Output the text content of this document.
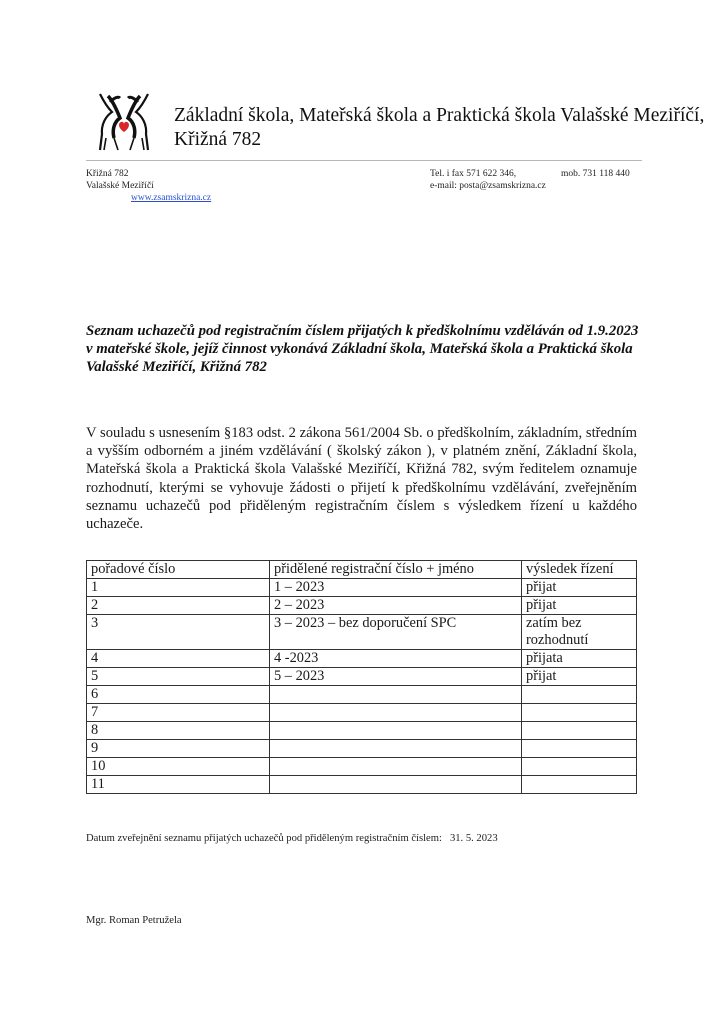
Základní škola, Mateřská škola a Praktická škola Valašské Meziříčí,
Křižná 782
Křižná 782
Valašské Meziříčí
www.zsamskrizna.cz
Tel. i fax 571 622 346,	mob. 731 118 440
e-mail: posta@zsamskrizna.cz
Seznam uchazečů pod registračním číslem přijatých k předškolnímu vzděláván od 1.9.2023
v mateřské škole, jejíž činnost vykonává Základní škola, Mateřská škola a Praktická škola
Valašské Meziříčí, Křižná 782
V souladu s usnesením §183 odst. 2 zákona 561/2004 Sb. o předškolním, základním, středním a vyšším odborném a jiném vzdělávání ( školský zákon ), v platném znění, Základní škola, Mateřská škola a Praktická škola Valašské Meziříčí, Křižná 782, svým ředitelem oznamuje rozhodnutí, kterými se vyhovuje žádosti o přijetí k předškolnímu vzdělávání, zveřejněním seznamu uchazečů pod přiděleným registračním číslem s výsledkem řízení u každého uchazeče.
pořadové číslo	přidělené registrační číslo + jméno	výsledek řízení
1	1 – 2023	přijat
2	2 – 2023	přijat
3	3 – 2023 – bez doporučení SPC	zatím bez
rozhodnutí

4	4 -2023	přijata
5	5 – 2023	přijat
6		
7		
8		
9		
10		
11		
Datum zveřejnění seznamu přijatých uchazečů pod přiděleným registračním číslem: 31. 5. 2023
Mgr. Roman Petružela
